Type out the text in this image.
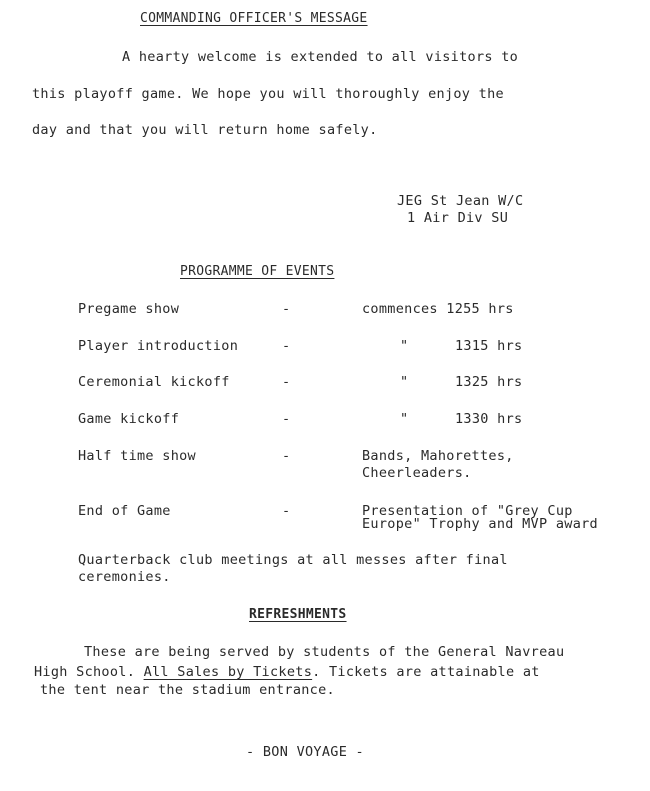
COMMANDING OFFICER'S MESSAGE
A hearty welcome is extended to all visitors to
this playoff game. We hope you will thoroughly enjoy the
day and that you will return home safely.
JEG St Jean W/C
1 Air Div SU
PROGRAMME OF EVENTS
Pregame show	-	commences 1255 hrs
Player introduction	-	"	1315 hrs
Ceremonial kickoff	-	"	1325 hrs
Game kickoff	-	"	1330 hrs
Half time show	-	Bands, Mahorettes,
Cheerleaders.
End of Game	-	Presentation of "Grey Cup
Europe" Trophy and MVP award
Quarterback club meetings at all messes after final
ceremonies.
REFRESHMENTS
These are being served by students of the General Navreau
High School. All Sales by Tickets. Tickets are attainable at
the tent near the stadium entrance.
- BON VOYAGE -
